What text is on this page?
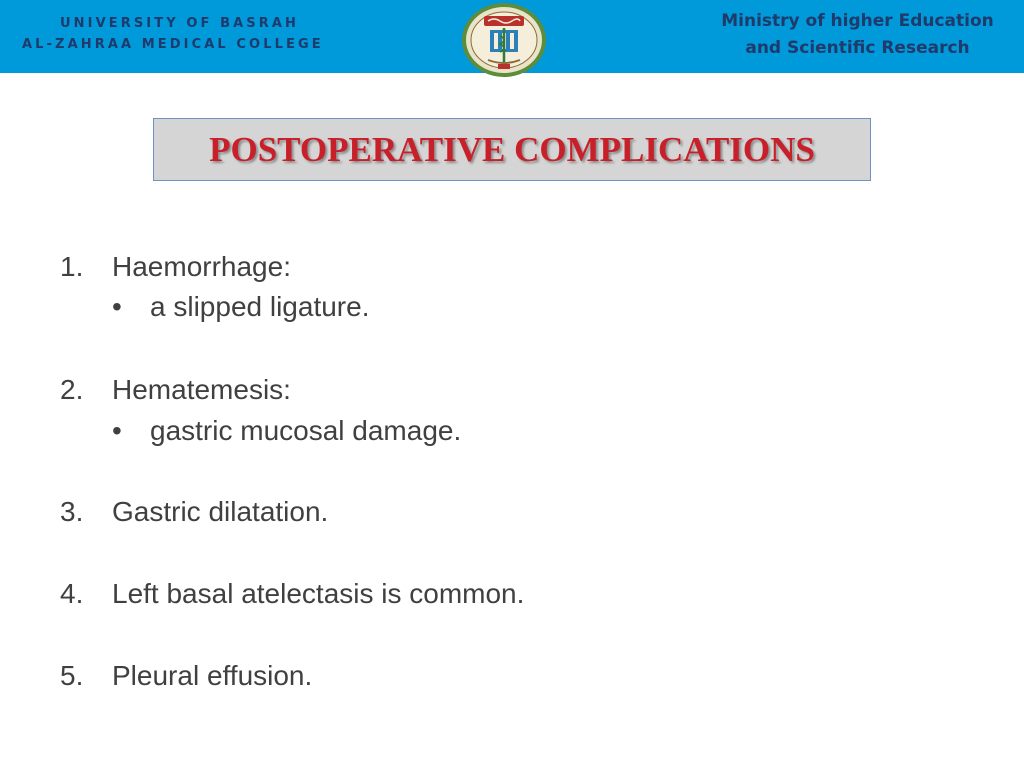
UNIVERSITY OF BASRAH
AL-ZAHRAA MEDICAL COLLEGE
Ministry of higher Education
and Scientific Research
POSTOPERATIVE COMPLICATIONS
1. Haemorrhage:
• a slipped ligature.
2. Hematemesis:
• gastric mucosal damage.
3. Gastric dilatation.
4. Left basal atelectasis is common.
5. Pleural effusion.
